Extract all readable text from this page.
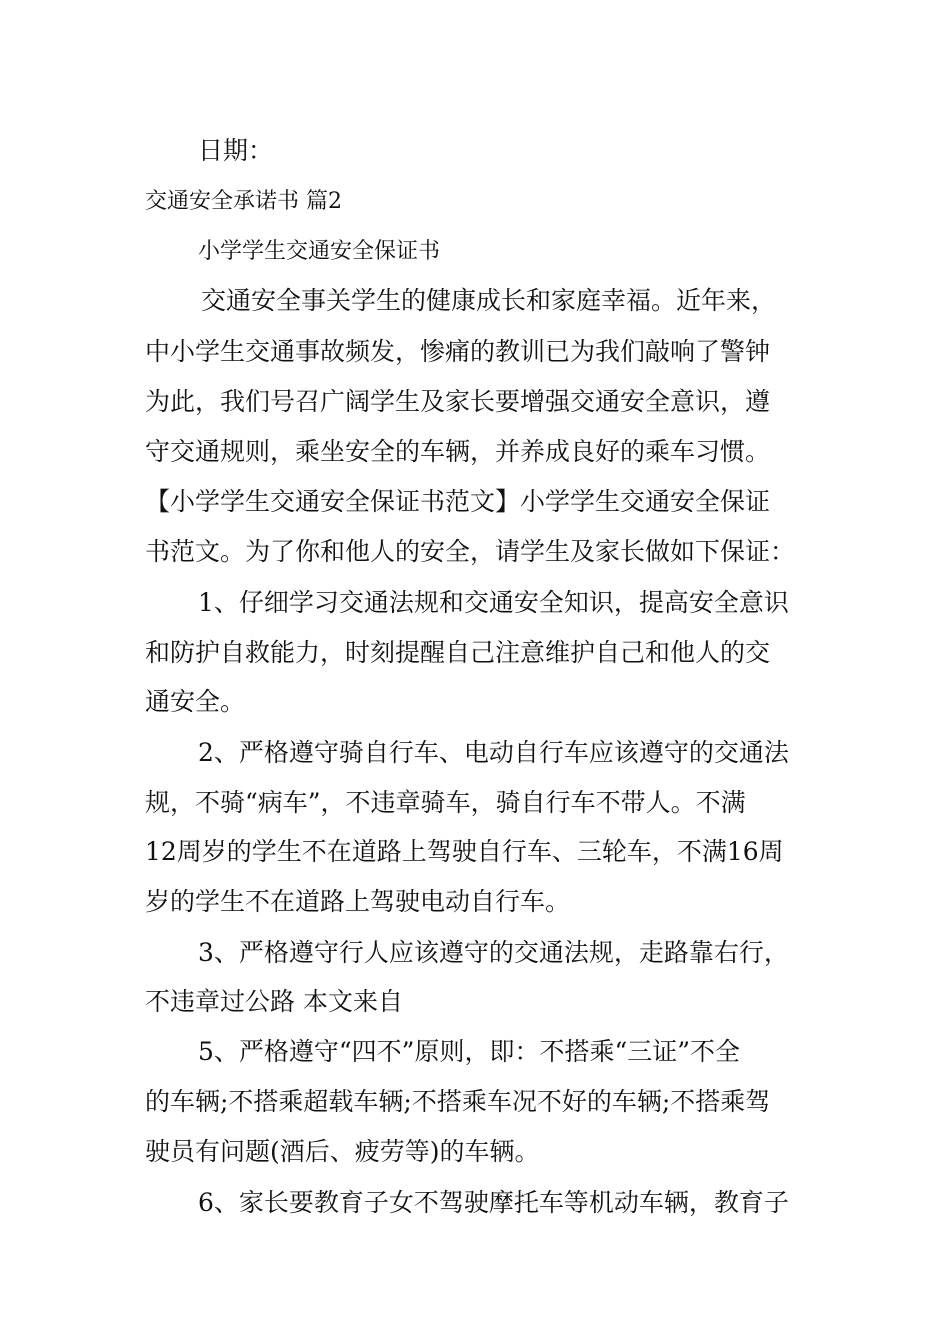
日期：
交通安全承诺书 篇2
小学学生交通安全保证书
交通安全事关学生的健康成长和家庭幸福。近年来，
中小学生交通事故频发，惨痛的教训已为我们敲响了警钟
为此，我们号召广阔学生及家长要增强交通安全意识，遵
守交通规则，乘坐安全的车辆，并养成良好的乘车习惯。
【小学学生交通安全保证书范文】小学学生交通安全保证
书范文。为了你和他人的安全，请学生及家长做如下保证：
1、仔细学习交通法规和交通安全知识，提高安全意识
和防护自救能力，时刻提醒自己注意维护自己和他人的交
通安全。
2、严格遵守骑自行车、电动自行车应该遵守的交通法
规，不骑“病车”，不违章骑车，骑自行车不带人。不满
12周岁的学生不在道路上驾驶自行车、三轮车，不满16周
岁的学生不在道路上驾驶电动自行车。
3、严格遵守行人应该遵守的交通法规，走路靠右行，
不违章过公路 本文来自
5、严格遵守“四不”原则，即：不搭乘“三证”不全
的车辆;不搭乘超载车辆;不搭乘车况不好的车辆;不搭乘驾
驶员有问题(酒后、疲劳等)的车辆。
6、家长要教育子女不驾驶摩托车等机动车辆，教育子
